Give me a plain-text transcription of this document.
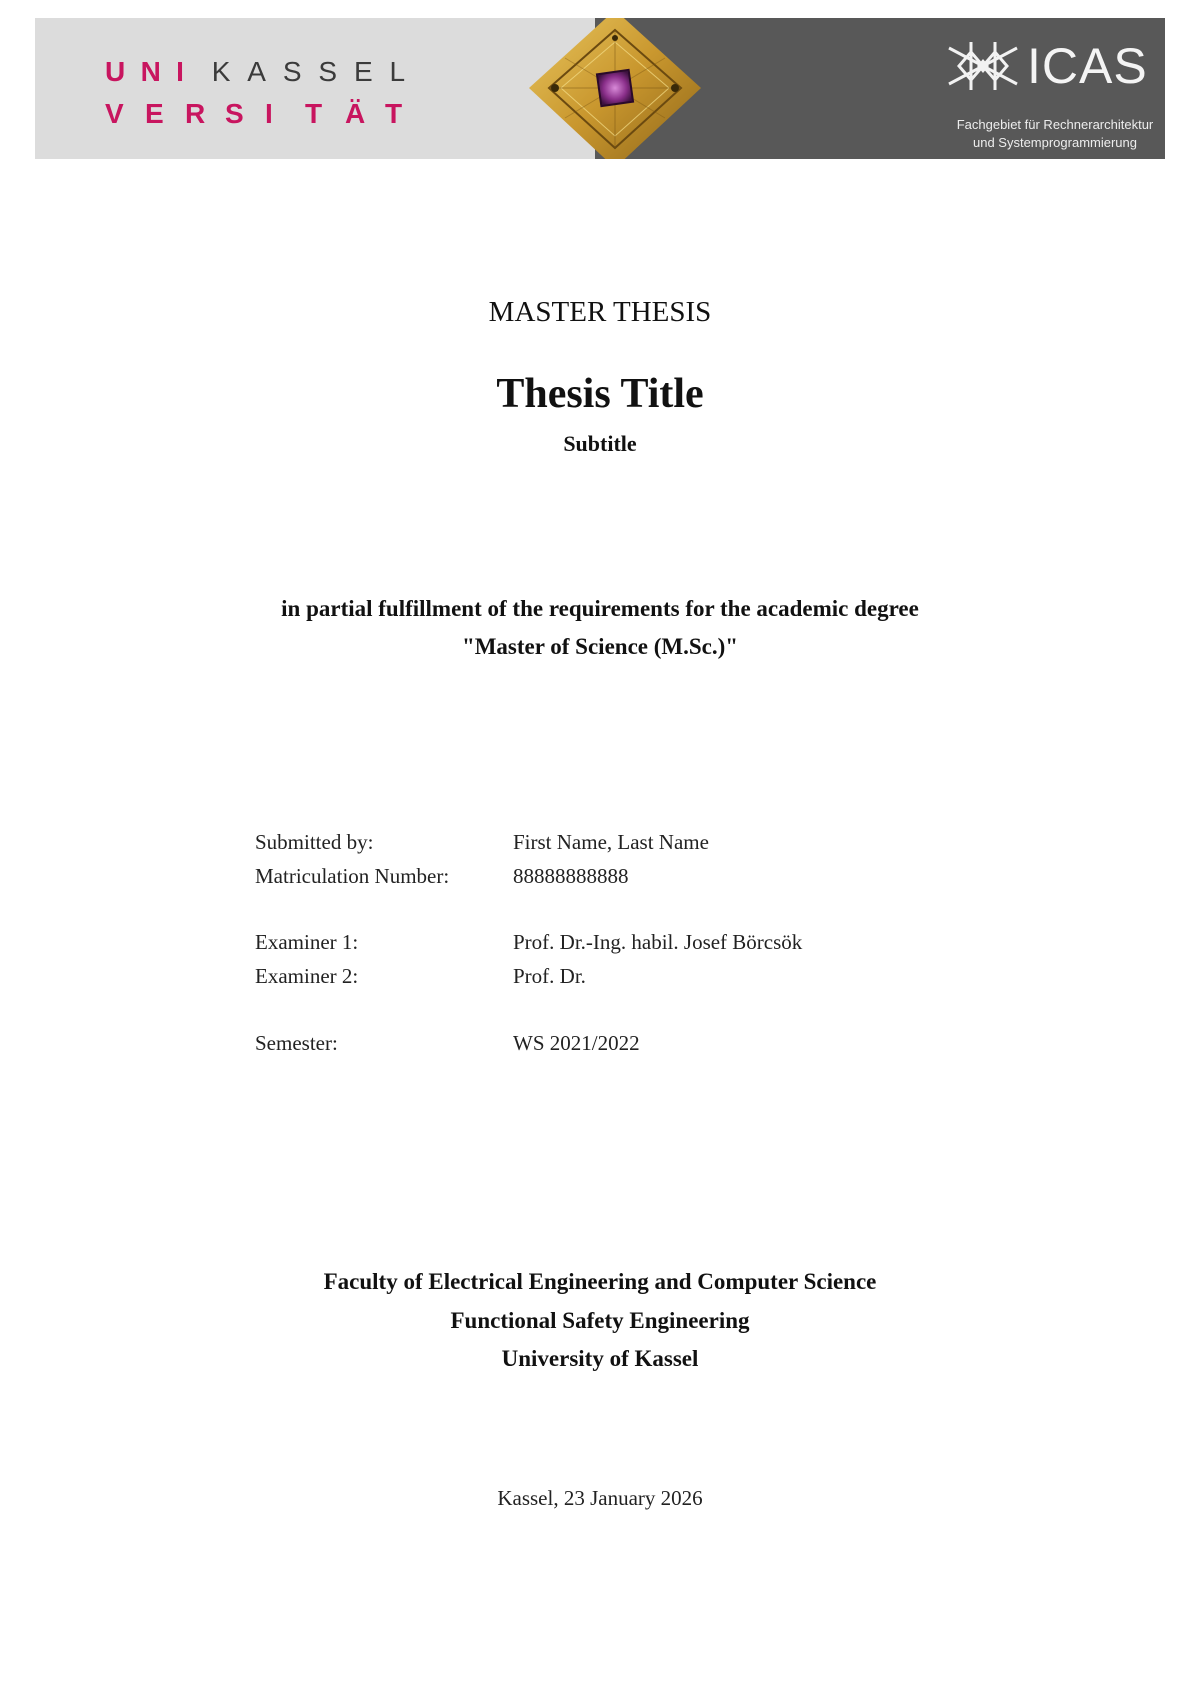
U N I K A S S E L
V E R S I	T Ä T
ICAS
Fachgebiet für Rechnerarchitektur
und Systemprogrammierung
MASTER THESIS
Thesis Title
Subtitle
in partial fulfillment of the requirements for the academic degree
"Master of Science (M.Sc.)"
Submitted by:	First Name, Last Name
Matriculation Number:	88888888888
Examiner 1:	Prof. Dr.-Ing. habil. Josef Börcsök
Examiner 2:	Prof. Dr.
Semester:	WS 2021/2022
Faculty of Electrical Engineering and Computer Science
Functional Safety Engineering
University of Kassel
Kassel, 23 January 2026
